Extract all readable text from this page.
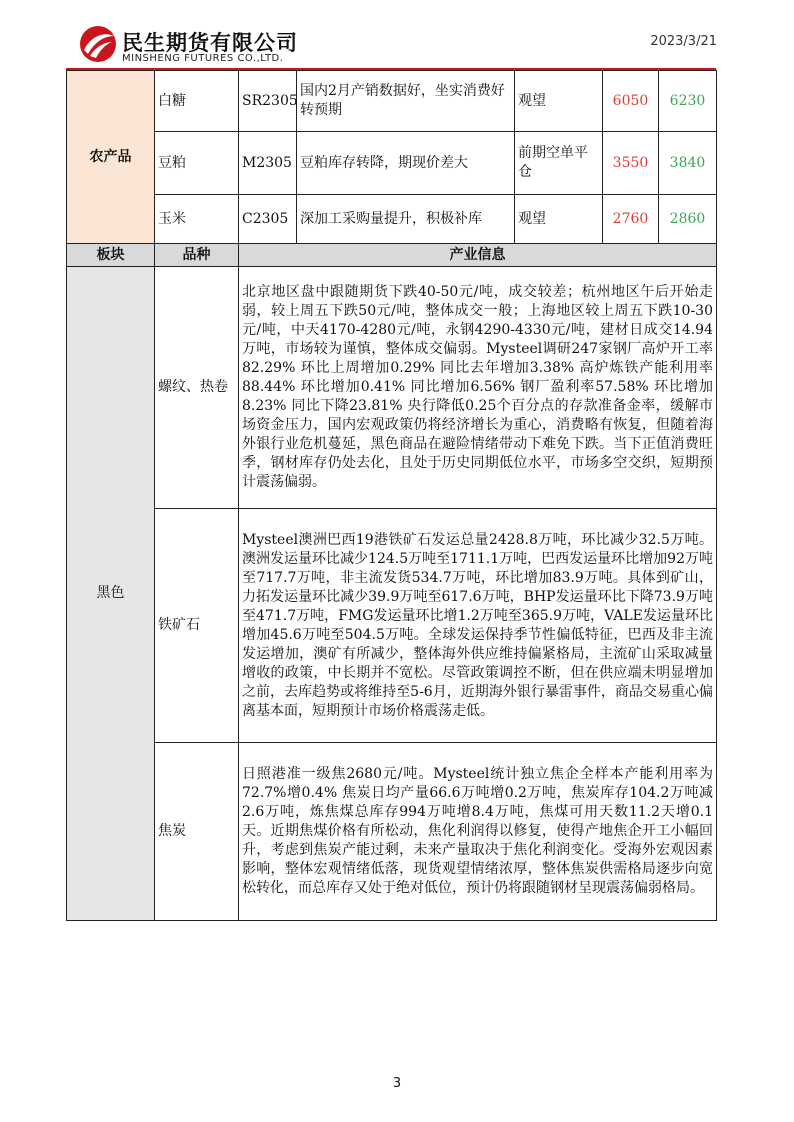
民生期货有限公司
MINSHENG FUTURES CO.,LTD.
2023/3/21
农产品	白糖	SR2305	国内2月产销数据好，坐实消费好转预期	观望	6050	6230
	豆粕	M2305	豆粕库存转降，期现价差大	前期空单平仓	3550	3840
	玉米	C2305	深加工采购量提升，积极补库	观望	2760	2860
板块	品种	产业信息				
黑色	螺纹、热卷	北京地区盘中跟随期货下跌40-50元/吨，成交较差；杭州地区午后开始走弱，较上周五下跌50元/吨，整体成交一般；上海地区较上周五下跌10-30元/吨，中天4170-4280元/吨，永钢4290-4330元/吨，建材日成交14.94万吨，市场较为谨慎，整体成交偏弱。Mysteel调研247家钢厂高炉开工率82.29% 环比上周增加0.29% 同比去年增加3.38% 高炉炼铁产能利用率88.44% 环比增加0.41% 同比增加6.56% 钢厂盈利率57.58% 环比增加8.23% 同比下降23.81% 央行降低0.25个百分点的存款准备金率，缓解市场资金压力，国内宏观政策仍将经济增长为重心，消费略有恢复，但随着海外银行业危机蔓延，黑色商品在避险情绪带动下难免下跌。当下正值消费旺季，钢材库存仍处去化，且处于历史同期低位水平，市场多空交织，短期预计震荡偏弱。				
	铁矿石	Mysteel澳洲巴西19港铁矿石发运总量2428.8万吨，环比减少32.5万吨。澳洲发运量环比减少124.5万吨至1711.1万吨，巴西发运量环比增加92万吨至717.7万吨，非主流发货534.7万吨，环比增加83.9万吨。具体到矿山，力拓发运量环比减少39.9万吨至617.6万吨，BHP发运量环比下降73.9万吨至471.7万吨，FMG发运量环比增1.2万吨至365.9万吨，VALE发运量环比增加45.6万吨至504.5万吨。全球发运保持季节性偏低特征，巴西及非主流发运增加，澳矿有所减少，整体海外供应维持偏紧格局，主流矿山采取减量增收的政策，中长期并不宽松。尽管政策调控不断，但在供应端未明显增加之前，去库趋势或将维持至5-6月，近期海外银行暴雷事件，商品交易重心偏离基本面，短期预计市场价格震荡走低。				
	焦炭	日照港准一级焦2680元/吨。Mysteel统计独立焦企全样本产能利用率为72.7%增0.4% 焦炭日均产量66.6万吨增0.2万吨，焦炭库存104.2万吨减2.6万吨，炼焦煤总库存994万吨增8.4万吨，焦煤可用天数11.2天增0.1天。近期焦煤价格有所松动，焦化利润得以修复，使得产地焦企开工小幅回升，考虑到焦炭产能过剩，未来产量取决于焦化利润变化。受海外宏观因素影响，整体宏观情绪低落，现货观望情绪浓厚，整体焦炭供需格局逐步向宽松转化，而总库存又处于绝对低位，预计仍将跟随钢材呈现震荡偏弱格局。				
3
